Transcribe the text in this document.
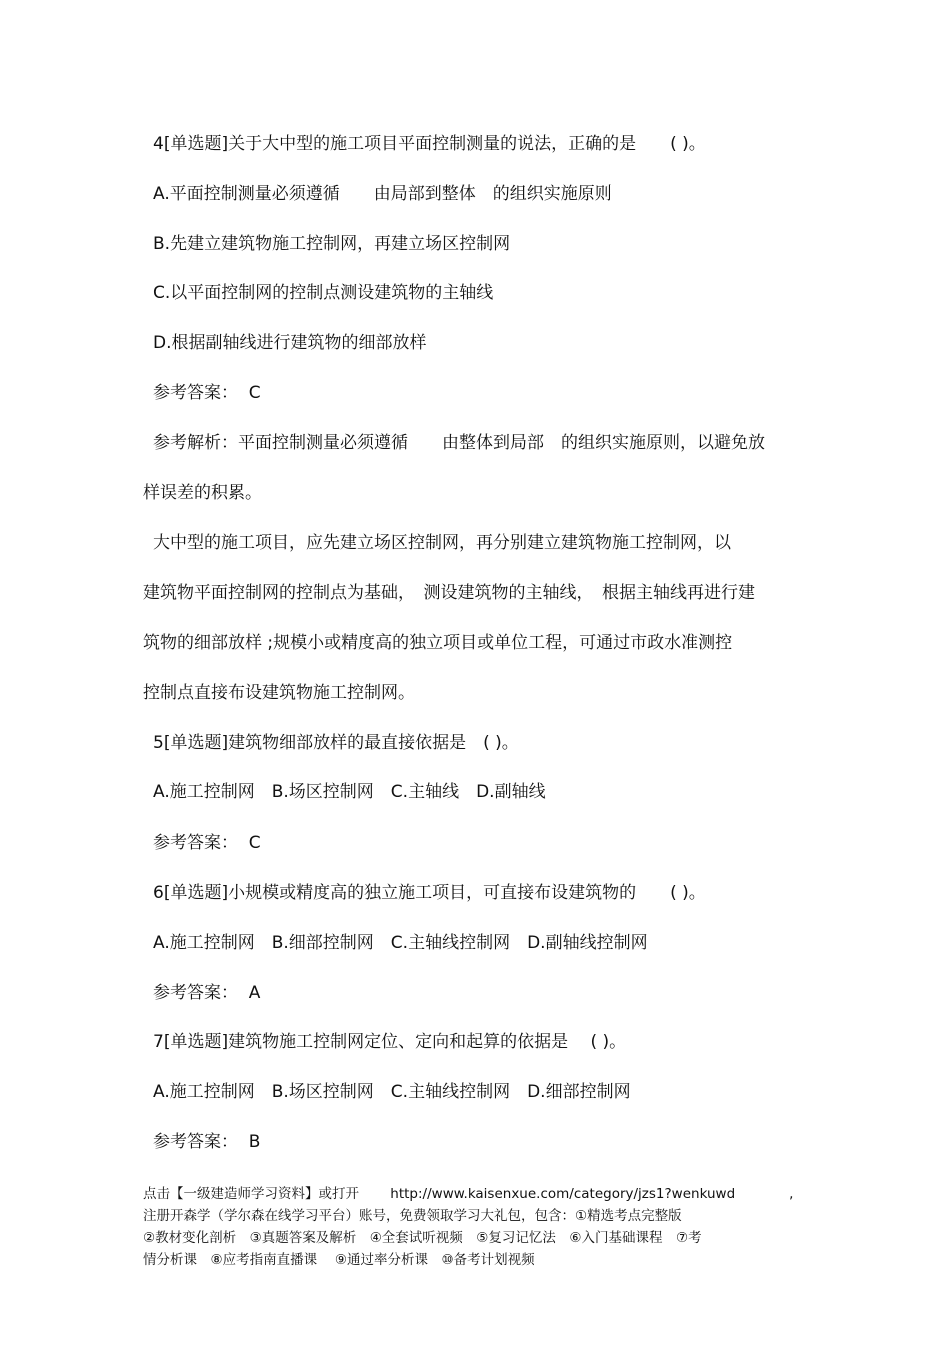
4[单选题]关于大中型的施工项目平面控制测量的说法，正确的是　　( )。
A.平面控制测量必须遵循　　由局部到整体　的组织实施原则
B.先建立建筑物施工控制网，再建立场区控制网
C.以平面控制网的控制点测设建筑物的主轴线
D.根据副轴线进行建筑物的细部放样
参考答案：  C
参考解析：平面控制测量必须遵循　　由整体到局部　的组织实施原则，以避免放
样误差的积累。
大中型的施工项目，应先建立场区控制网，再分别建立建筑物施工控制网，以
建筑物平面控制网的控制点为基础，　测设建筑物的主轴线，　根据主轴线再进行建
筑物的细部放样 ;规模小或精度高的独立项目或单位工程，可通过市政水准测控
控制点直接布设建筑物施工控制网。
5[单选题]建筑物细部放样的最直接依据是　( )。
A.施工控制网　B.场区控制网　C.主轴线　D.副轴线
参考答案：  C
6[单选题]小规模或精度高的独立施工项目，可直接布设建筑物的　　( )。
A.施工控制网　B.细部控制网　C.主轴线控制网　D.副轴线控制网
参考答案：  A
7[单选题]建筑物施工控制网定位、定向和起算的依据是　 ( )。
A.施工控制网　B.场区控制网　C.主轴线控制网　D.细部控制网
参考答案：  B
点击【一级建造师学习资料】或打开　　 http://www.kaisenxue.com/category/jzs1?wenkuwd　　　　,
注册开森学（学尔森在线学习平台）账号，免费领取学习大礼包，包含：①精选考点完整版
②教材变化剖析　③真题答案及解析　④全套试听视频　⑤复习记忆法　⑥入门基础课程　⑦考
情分析课　⑧应考指南直播课　 ⑨通过率分析课　⑩备考计划视频
